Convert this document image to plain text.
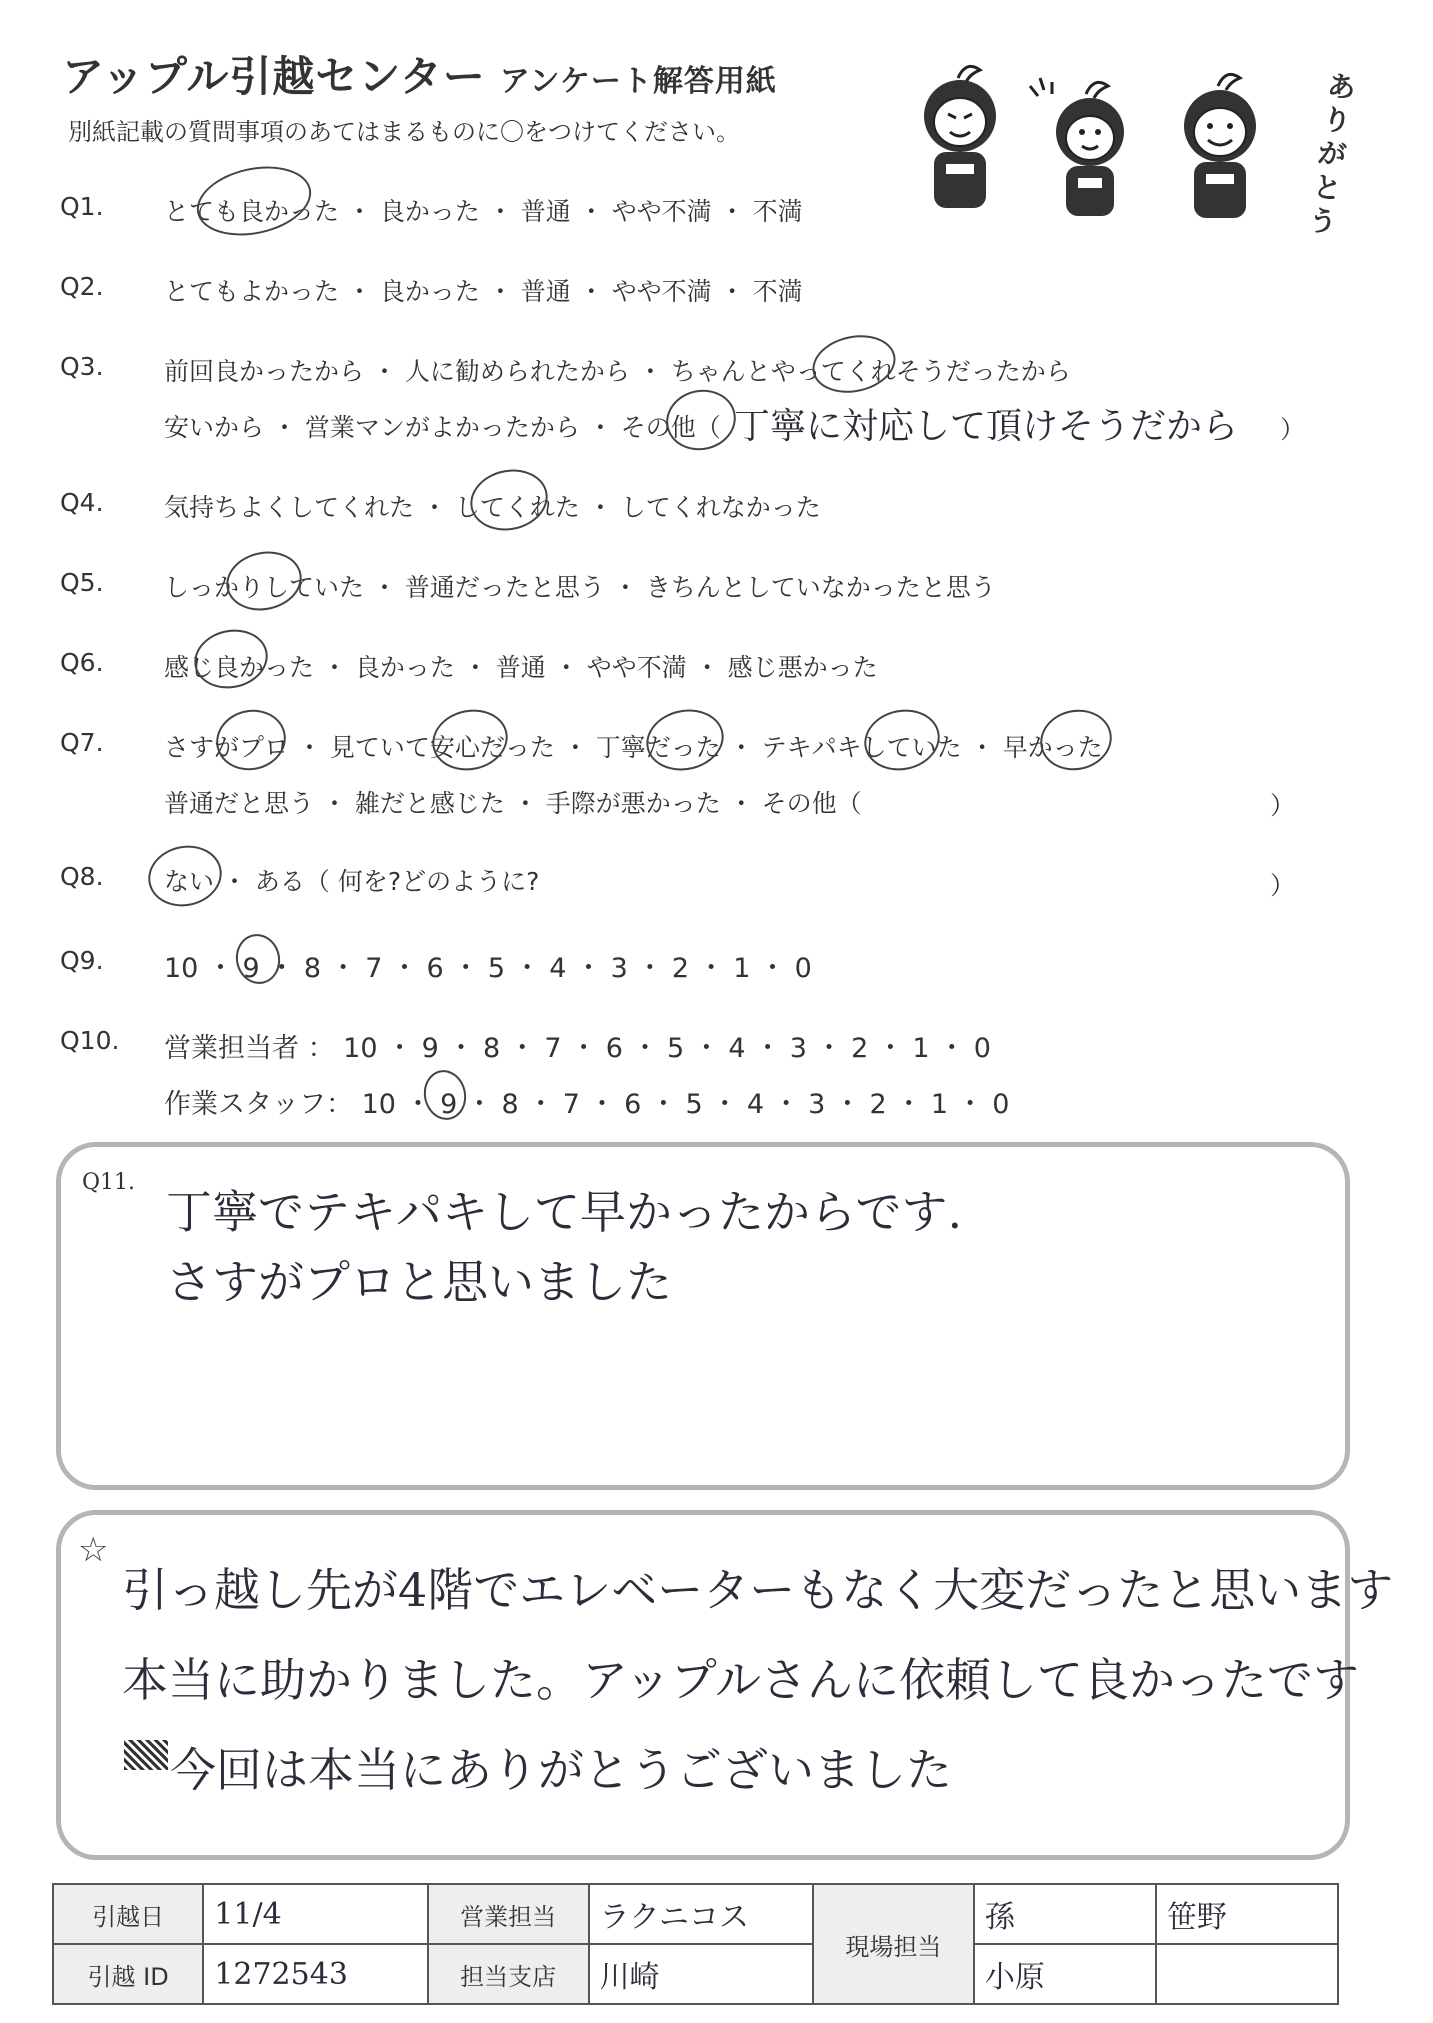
アップル引越センター アンケート解答用紙
別紙記載の質問事項のあてはまるものに〇をつけてください。
ありがとう
Q1. とても良かった ・ 良かった ・ 普通 ・ やや不満 ・ 不満
Q2. とてもよかった ・ 良かった ・ 普通 ・ やや不満 ・ 不満
Q3. 前回良かったから ・ 人に勧められたから ・ ちゃんとやってくれそうだったから
安いから ・ 営業マンがよかったから ・ その他（ 丁寧に対応して頂けそうだから ）
Q4. 気持ちよくしてくれた ・ してくれた ・ してくれなかった
Q5. しっかりしていた ・ 普通だったと思う ・ きちんとしていなかったと思う
Q6. 感じ良かった ・ 良かった ・ 普通 ・ やや不満 ・ 感じ悪かった
Q7. さすがプロ ・ 見ていて安心だった ・ 丁寧だった ・ テキパキしていた ・ 早かった
普通だと思う ・ 雑だと感じた ・ 手際が悪かった ・ その他（	）
Q8. ない ・ ある（ 何を?どのように?	）
Q9. 10 ・ 9 ・ 8 ・ 7 ・ 6 ・ 5 ・ 4 ・ 3 ・ 2 ・ 1 ・ 0
Q10. 営業担当者 ： 10 ・ 9 ・ 8 ・ 7 ・ 6 ・ 5 ・ 4 ・ 3 ・ 2 ・ 1 ・ 0
作業スタッフ： 10 ・ 9 ・ 8 ・ 7 ・ 6 ・ 5 ・ 4 ・ 3 ・ 2 ・ 1 ・ 0
Q11.
丁寧でテキパキして早かったからです.
さすがプロと思いました
☆
引っ越し先が4階でエレベーターもなく大変だったと思います
本当に助かりました。アップルさんに依頼して良かったです
今回は本当にありがとうございました
引越日	11/4	営業担当	ラクニコス	現場担当	孫	笹野
引越 ID	1272543	担当支店	川崎		小原	
